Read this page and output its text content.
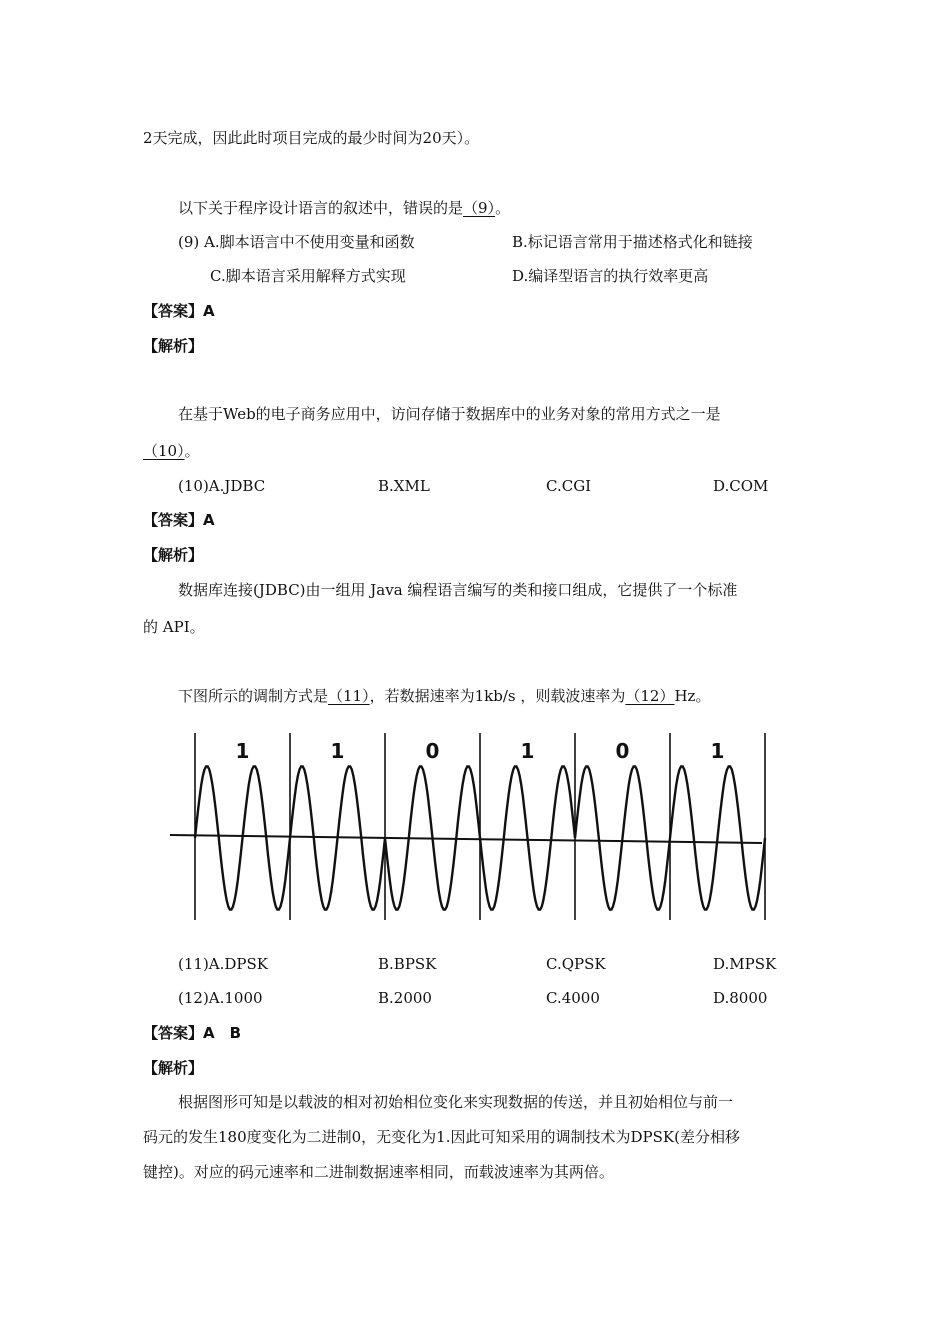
2天完成，因此此时项目完成的最少时间为20天）。
以下关于程序设计语言的叙述中，错误的是（9）。
(9) A.脚本语言中不使用变量和函数	B.标记语言常用于描述格式化和链接
C.脚本语言采用解释方式实现	D.编译型语言的执行效率更高
【答案】A
【解析】
在基于Web的电子商务应用中，访问存储于数据库中的业务对象的常用方式之一是
（10）。
(10)A.JDBC	B.XML	C.CGI	D.COM
【答案】A
【解析】
数据库连接(JDBC)由一组用 Java 编程语言编写的类和接口组成，它提供了一个标准
的 API。
下图所示的调制方式是（11），若数据速率为1kb/s ，则载波速率为（12）Hz。
1	1	0	1	0	1
(11)A.DPSK	B.BPSK	C.QPSK	D.MPSK
(12)A.1000	B.2000	C.4000	D.8000
【答案】A　B
【解析】
根据图形可知是以载波的相对初始相位变化来实现数据的传送，并且初始相位与前一
码元的发生180度变化为二进制0，无变化为1.因此可知采用的调制技术为DPSK(差分相移
键控)。对应的码元速率和二进制数据速率相同，而载波速率为其两倍。
